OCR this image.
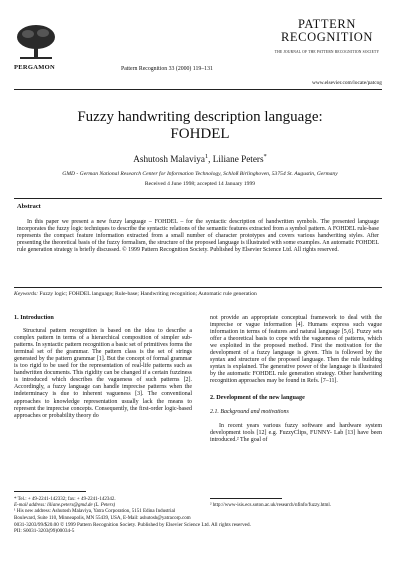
PERGAMON	Pattern Recognition 33 (2000) 119–131
PATTERN
RECOGNITION
THE JOURNAL OF THE PATTERN RECOGNITION SOCIETY
www.elsevier.com/locate/patcog
Fuzzy handwriting description language:
FOHDEL
Ashutosh Malaviya$^1$, Liliane Peters*
GMD - German National Research Center for Information Technology, Schloß Birlinghoven, 53754 St. Augustin, Germany
Received 4 June 1998; accepted 14 January 1999
Abstract
In this paper we present a new fuzzy language – FOHDEL – for the syntactic description of handwritten symbols. The presented language incorporates the fuzzy logic techniques to describe the syntactic relations of the semantic features extracted from a symbol pattern. A FOHDEL rule-base represents the compact feature information extracted from a small number of character prototypes and covers various handwriting styles. After presenting the theoretical basis of the fuzzy formalism, the structure of the proposed language is illustrated with some examples. An automatic FOHDEL rule generation strategy is briefly discussed. © 1999 Pattern Recognition Society. Published by Elsevier Science Ltd. All rights reserved.
Keywords: Fuzzy logic; FOHDEL language; Rule-base; Handwriting recognition; Automatic rule generation
1. Introduction
Structural pattern recognition is based on the idea to describe a complex pattern in terms of a hierarchical composition of simpler sub-patterns. In syntactic pattern recognition a basic set of primitives forms the terminal set of the grammar. The pattern class is the set of strings generated by the pattern grammar [1]. But the concept of formal grammar is too rigid to be used for the representation of real-life patterns such as handwritten documents. This rigidity can be changed if a certain fuzziness is introduced which describes the vagueness of such patterns [2]. Accordingly, a fuzzy language can handle imprecise patterns when the indeterminacy is due to inherent vagueness [3]. The conventional approaches to knowledge representation usually lack the means to represent the imprecise concepts. Consequently, the first-order logic-based approaches or probability theory do
not provide an appropriate conceptual framework to deal with the imprecise or vague information [4]. Humans express such vague information in terms of features and natural language [5,6]. Fuzzy sets offer a theoretical basis to cope with the vagueness of patterns, which we exploited in the proposed method. First the motivation for the development of a fuzzy language is given. This is followed by the syntax and structure of the proposed language. Then the rule building syntax is explained. The generative power of the language is illustrated by the automatic FOHDEL rule generation strategy. Other handwriting recognition approaches may be found in Refs. [7–11].
2. Development of the new language
2.1. Background and motivations
In recent years various fuzzy software and hardware system development tools [12] e.g. FuzzyClips, FUNNY- Lab [13] have been introduced.² The goal of
* Tel.: + 49-2241-142332; fax: + 49-2241-142342.
E-mail address: liliane.peters@gmd.de (L. Peters)
¹ His new address: Ashutosh Malaviya, Yatra Corporation, 5151 Edina Industrial Boulevard, Suite 110, Minneapolis, MN 55439, USA, E-Mail: ashutosh@yatracorp.com
² http://www-isis.ecs.soton.ac.uk/research/nfinfo/fuzzy.html.
0031-3203/99/$20.00 © 1999 Pattern Recognition Society. Published by Elsevier Science Ltd. All rights reserved.
PII: S0031-3203(99)00034-5
